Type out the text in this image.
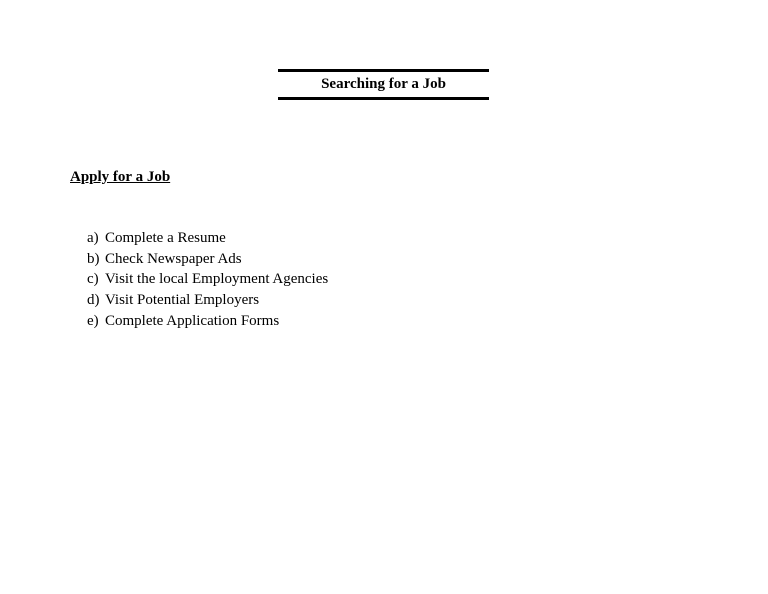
Searching for a Job
Apply for a Job
a) Complete a Resume
b) Check Newspaper Ads
c) Visit the local Employment Agencies
d) Visit Potential Employers
e) Complete Application Forms
